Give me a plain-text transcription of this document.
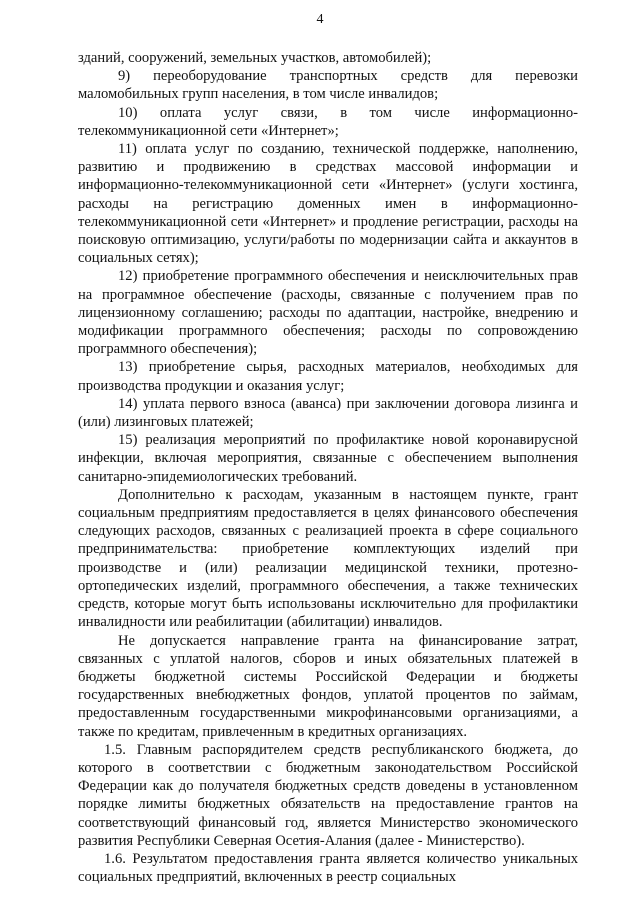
4

зданий, сооружений, земельных участков, автомобилей);

9) переоборудование транспортных средств для перевозки маломобильных групп населения, в том числе инвалидов;

10) оплата услуг связи, в том числе информационно-телекоммуникационной сети «Интернет»;

11) оплата услуг по созданию, технической поддержке, наполнению, развитию и продвижению в средствах массовой информации и информационно-телекоммуникационной сети «Интернет» (услуги хостинга, расходы на регистрацию доменных имен в информационно-телекоммуникационной сети «Интернет» и продление регистрации, расходы на поисковую оптимизацию, услуги/работы по модернизации сайта и аккаунтов в социальных сетях);

12) приобретение программного обеспечения и неисключительных прав на программное обеспечение (расходы, связанные с получением прав по лицензионному соглашению; расходы по адаптации, настройке, внедрению и модификации программного обеспечения; расходы по сопровождению программного обеспечения);

13) приобретение сырья, расходных материалов, необходимых для производства продукции и оказания услуг;

14) уплата первого взноса (аванса) при заключении договора лизинга и (или) лизинговых платежей;

15) реализация мероприятий по профилактике новой коронавирусной инфекции, включая мероприятия, связанные с обеспечением выполнения санитарно-эпидемиологических требований.

Дополнительно к расходам, указанным в настоящем пункте, грант социальным предприятиям предоставляется в целях финансового обеспечения следующих расходов, связанных с реализацией проекта в сфере социального предпринимательства: приобретение комплектующих изделий при производстве и (или) реализации медицинской техники, протезно-ортопедических изделий, программного обеспечения, а также технических средств, которые могут быть использованы исключительно для профилактики инвалидности или реабилитации (абилитации) инвалидов.

Не допускается направление гранта на финансирование затрат, связанных с уплатой налогов, сборов и иных обязательных платежей в бюджеты бюджетной системы Российской Федерации и бюджеты государственных внебюджетных фондов, уплатой процентов по займам, предоставленным государственными микрофинансовыми организациями, а также по кредитам, привлеченным в кредитных организациях.

1.5. Главным распорядителем средств республиканского бюджета, до которого в соответствии с бюджетным законодательством Российской Федерации как до получателя бюджетных средств доведены в установленном порядке лимиты бюджетных обязательств на предоставление грантов на соответствующий финансовый год, является Министерство экономического развития Республики Северная Осетия-Алания (далее - Министерство).

1.6. Результатом предоставления гранта является количество уникальных социальных предприятий, включенных в реестр социальных
